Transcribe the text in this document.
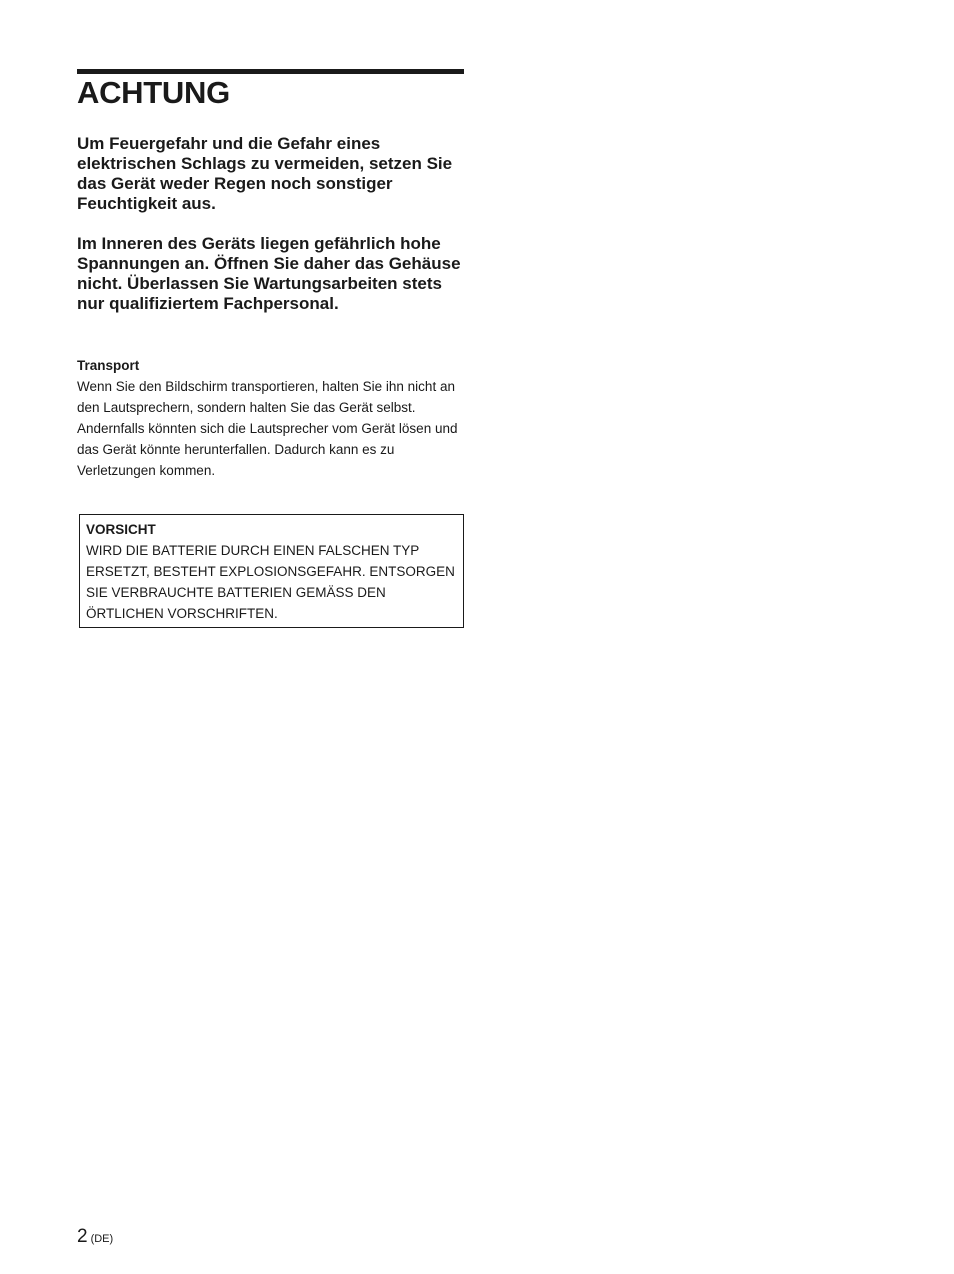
ACHTUNG

Um Feuergefahr und die Gefahr eines elektrischen Schlags zu vermeiden, setzen Sie das Gerät weder Regen noch sonstiger Feuchtigkeit aus.

Im Inneren des Geräts liegen gefährlich hohe Spannungen an. Öffnen Sie daher das Gehäuse nicht. Überlassen Sie Wartungsarbeiten stets nur qualifiziertem Fachpersonal.

Transport

Wenn Sie den Bildschirm transportieren, halten Sie ihn nicht an den Lautsprechern, sondern halten Sie das Gerät selbst. Andernfalls könnten sich die Lautsprecher vom Gerät lösen und das Gerät könnte herunterfallen. Dadurch kann es zu Verletzungen kommen.

VORSICHT

WIRD DIE BATTERIE DURCH EINEN FALSCHEN TYP ERSETZT, BESTEHT EXPLOSIONSGEFAHR. ENTSORGEN SIE VERBRAUCHTE BATTERIEN GEMÄSS DEN ÖRTLICHEN VORSCHRIFTEN.

2 (DE)
